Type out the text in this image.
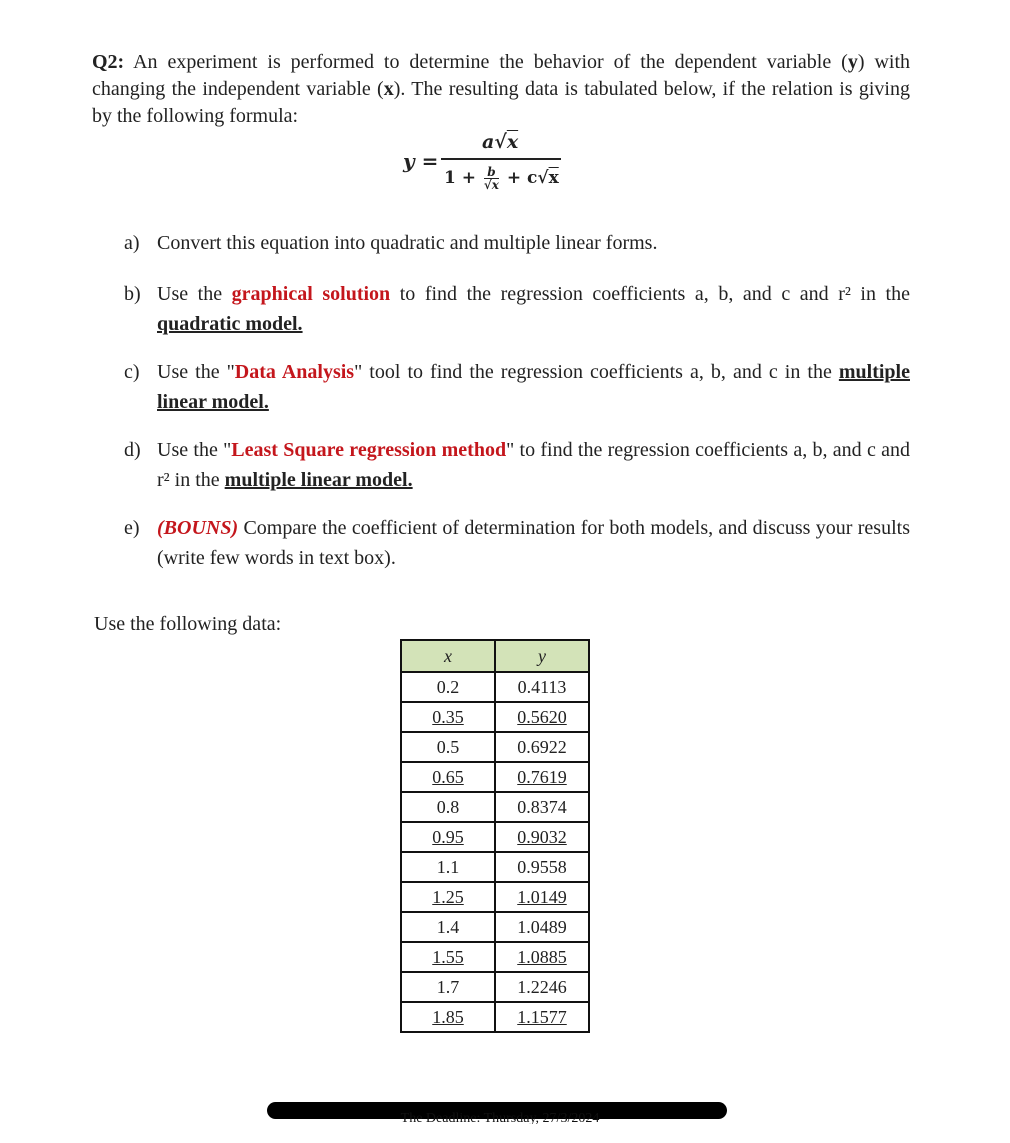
Q2: An experiment is performed to determine the behavior of the dependent variable (y) with changing the independent variable (x). The resulting data is tabulated below, if the relation is giving by the following formula:
y =
a√x
$1 + \frac{b}{√x} + c√x$
a) Convert this equation into quadratic and multiple linear forms.
b) Use the graphical solution to find the regression coefficients a, b, and c and r² in the quadratic model.
c) Use the "Data Analysis" tool to find the regression coefficients a, b, and c in the multiple linear model.
d) Use the "Least Square regression method" to find the regression coefficients a, b, and c and r² in the multiple linear model.
e) (BOUNS) Compare the coefficient of determination for both models, and discuss your results (write few words in text box).
Use the following data:
x	y
0.2	0.4113
0.35	0.5620
0.5	0.6922
0.65	0.7619
0.8	0.8374
0.95	0.9032
1.1	0.9558
1.25	1.0149
1.4	1.0489
1.55	1.0885
1.7	1.2246
1.85	1.1577
The Deadline: Thursday, 27/3/2024
